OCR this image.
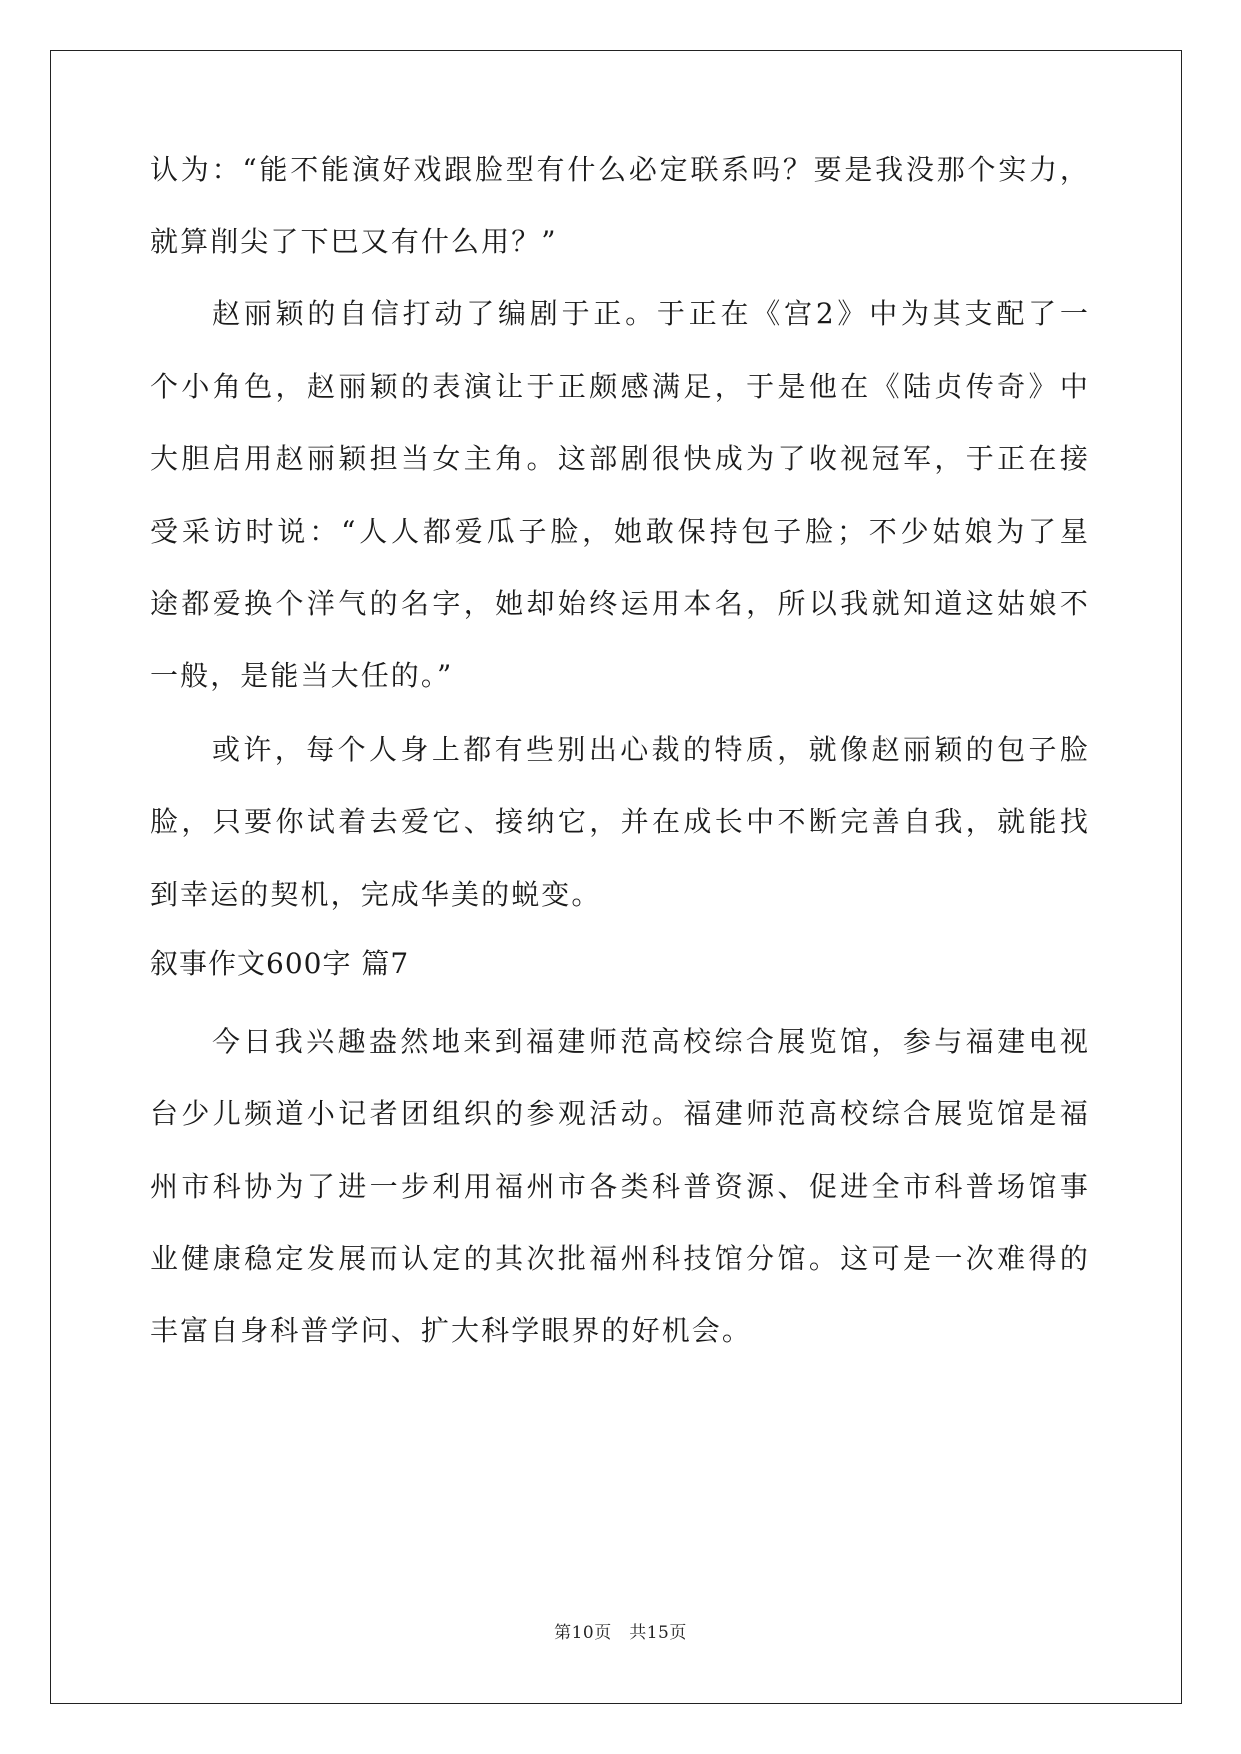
认为：“能不能演好戏跟脸型有什么必定联系吗？要是我没那个实力，
就算削尖了下巴又有什么用？”
赵丽颖的自信打动了编剧于正。于正在《宫2》中为其支配了一
个小角色，赵丽颖的表演让于正颇感满足，于是他在《陆贞传奇》中
大胆启用赵丽颖担当女主角。这部剧很快成为了收视冠军，于正在接
受采访时说：“人人都爱瓜子脸，她敢保持包子脸；不少姑娘为了星
途都爱换个洋气的名字，她却始终运用本名，所以我就知道这姑娘不
一般，是能当大任的。”
或许，每个人身上都有些别出心裁的特质，就像赵丽颖的包子脸
脸，只要你试着去爱它、接纳它，并在成长中不断完善自我，就能找
到幸运的契机，完成华美的蜕变。
叙事作文600字 篇7
今日我兴趣盎然地来到福建师范高校综合展览馆，参与福建电视
台少儿频道小记者团组织的参观活动。福建师范高校综合展览馆是福
州市科协为了进一步利用福州市各类科普资源、促进全市科普场馆事
业健康稳定发展而认定的其次批福州科技馆分馆。这可是一次难得的
丰富自身科普学问、扩大科学眼界的好机会。
第10页　共15页
